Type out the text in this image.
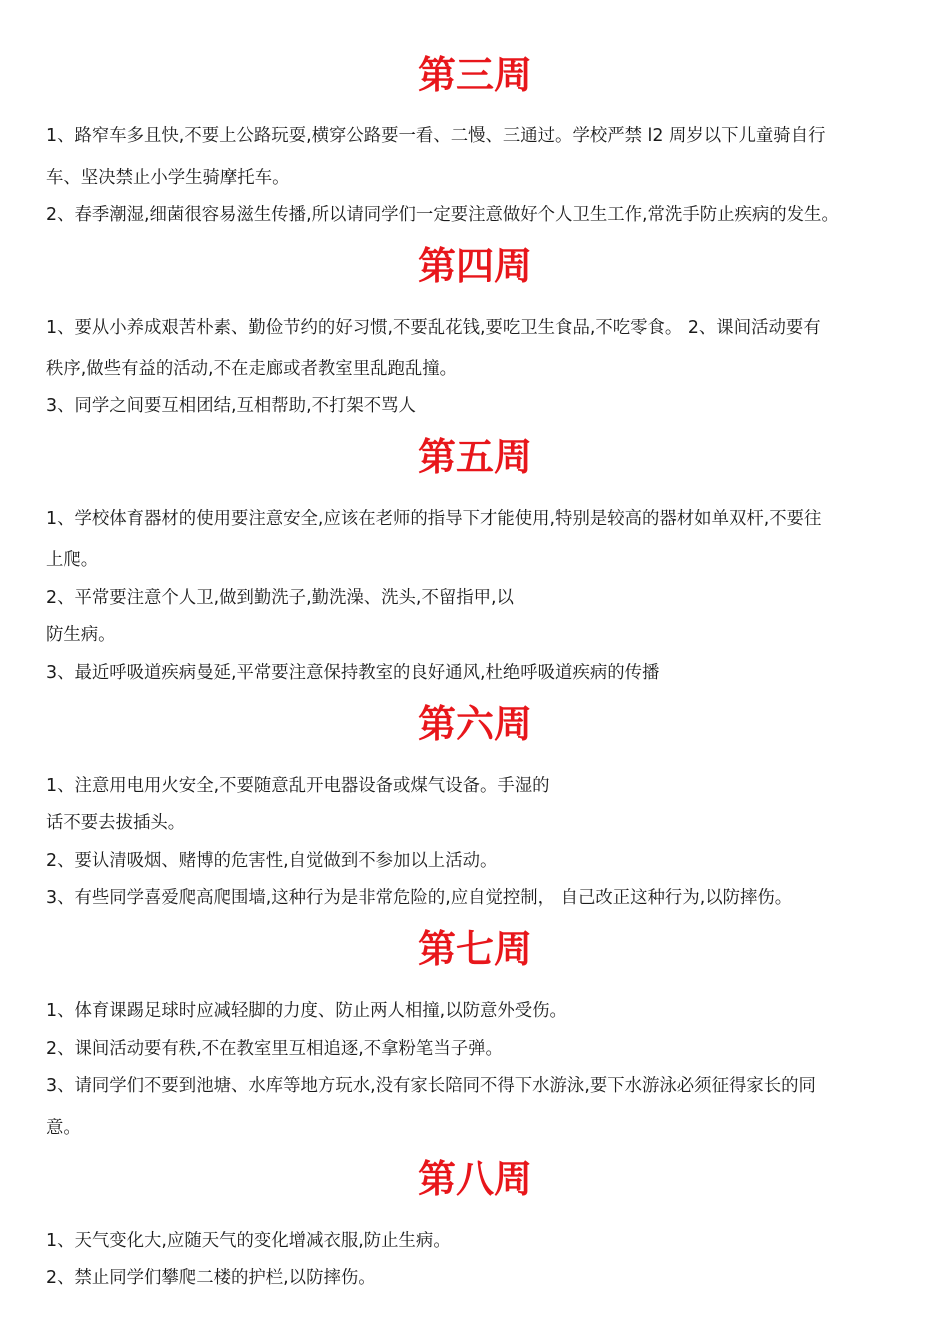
第三周

1、路窄车多且快,不要上公路玩耍,横穿公路要一看、二慢、三通过。学校严禁 l2 周岁以下儿童骑自行

车、坚决禁止小学生骑摩托车。

2、春季潮湿,细菌很容易滋生传播,所以请同学们一定要注意做好个人卫生工作,常洗手防止疾病的发生。

第四周

1、要从小养成艰苦朴素、勤俭节约的好习惯,不要乱花钱,要吃卫生食品,不吃零食。 2、课间活动要有

秩序,做些有益的活动,不在走廊或者教室里乱跑乱撞。

3、同学之间要互相团结,互相帮助,不打架不骂人

第五周

1、学校体育器材的使用要注意安全,应该在老师的指导下才能使用,特别是较高的器材如单双杆,不要往

上爬。

2、平常要注意个人卫,做到勤洗子,勤洗澡、洗头,不留指甲,以

防生病。

3、最近呼吸道疾病曼延,平常要注意保持教室的良好通风,杜绝呼吸道疾病的传播

第六周

1、注意用电用火安全,不要随意乱开电器设备或煤气设备。手湿的

话不要去拔插头。

2、要认清吸烟、赌博的危害性,自觉做到不参加以上活动。

3、有些同学喜爱爬高爬围墙,这种行为是非常危险的,应自觉控制， 自己改正这种行为,以防摔伤。

第七周

1、体育课踢足球时应减轻脚的力度、防止两人相撞,以防意外受伤。

2、课间活动要有秩,不在教室里互相追逐,不拿粉笔当子弹。

3、请同学们不要到池塘、水库等地方玩水,没有家长陪同不得下水游泳,要下水游泳必须征得家长的同

意。

第八周

1、天气变化大,应随天气的变化增减衣服,防止生病。

2、禁止同学们攀爬二楼的护栏,以防摔伤。
